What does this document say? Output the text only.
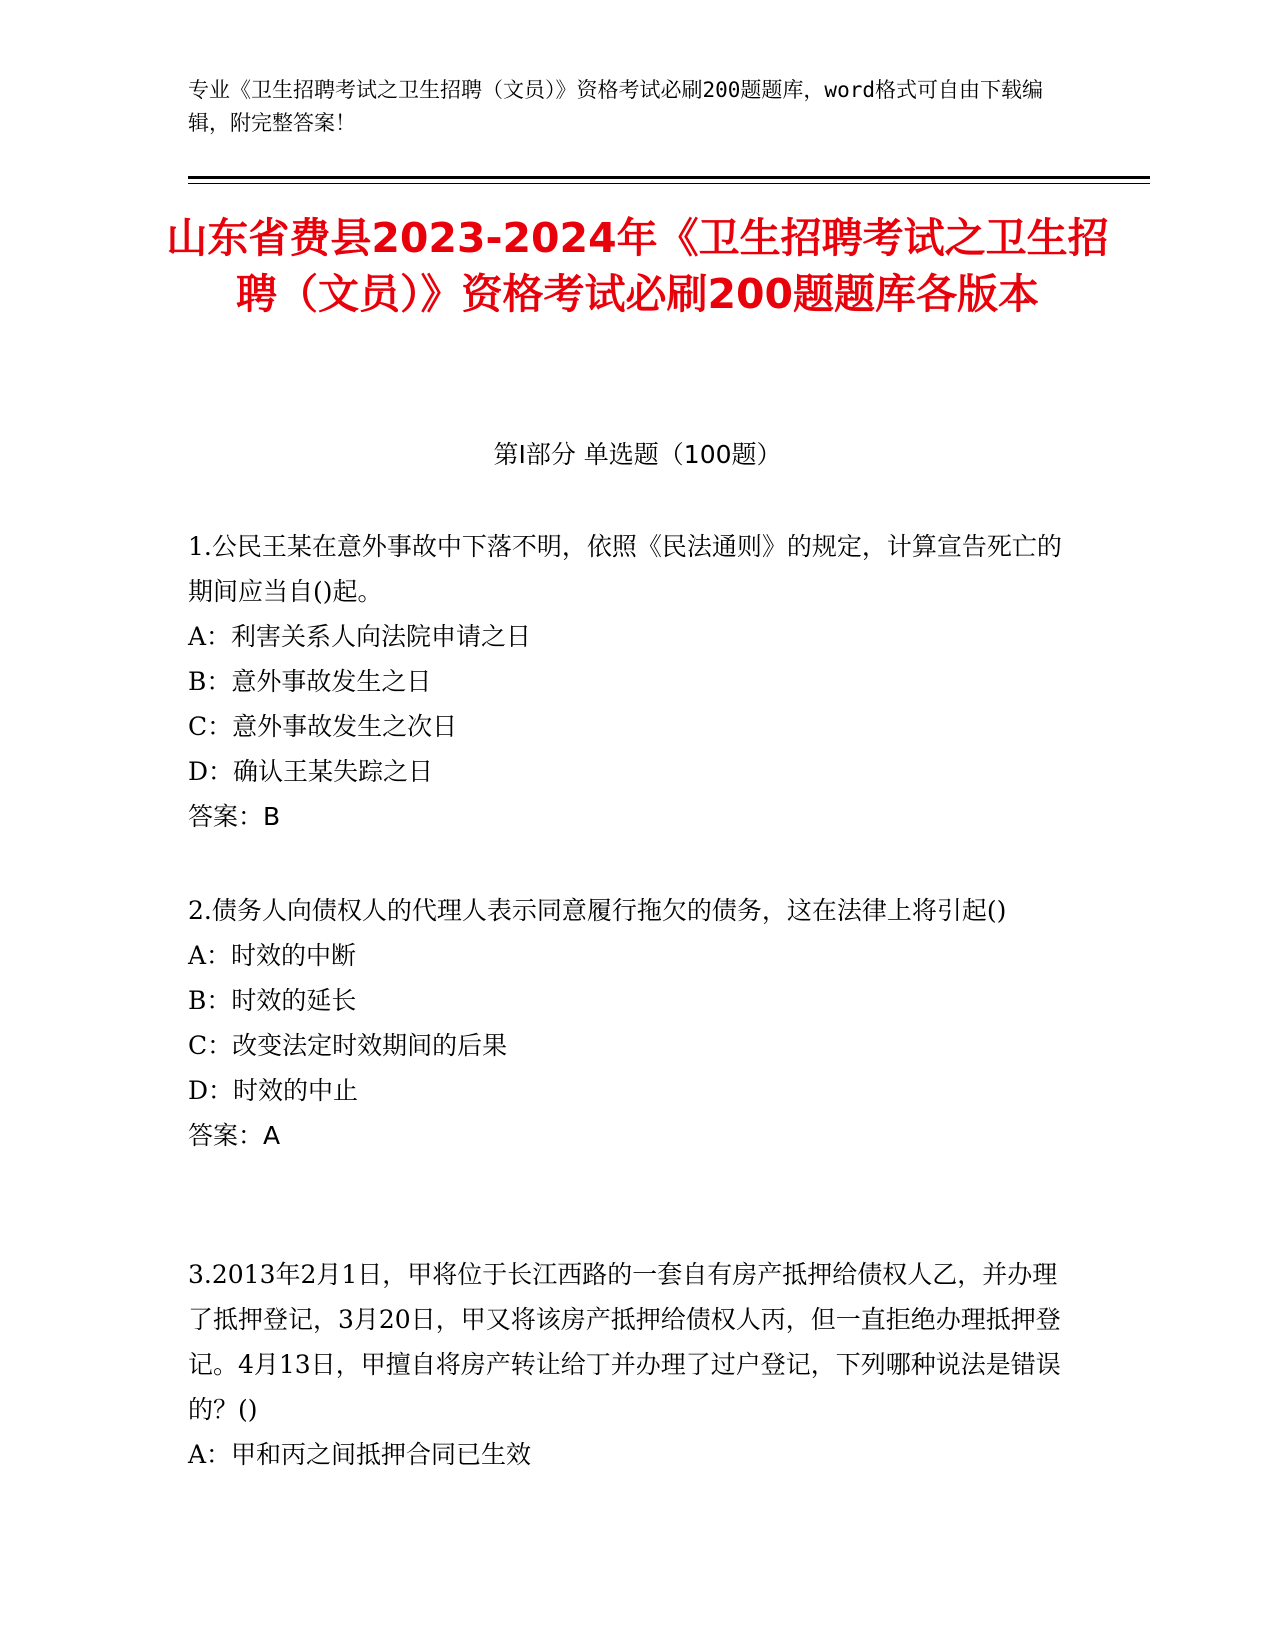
专业《卫生招聘考试之卫生招聘（文员）》资格考试必刷200题题库，word格式可自由下载编辑，附完整答案！
山东省费县2023-2024年《卫生招聘考试之卫生招聘（文员）》资格考试必刷200题题库各版本
第I部分 单选题（100题）

1.公民王某在意外事故中下落不明，依照《民法通则》的规定，计算宣告死亡的期间应当自()起。

A：利害关系人向法院申请之日

B：意外事故发生之日

C：意外事故发生之次日

D：确认王某失踪之日

答案：B

2.债务人向债权人的代理人表示同意履行拖欠的债务，这在法律上将引起()

A：时效的中断

B：时效的延长

C：改变法定时效期间的后果

D：时效的中止

答案：A

3.2013年2月1日，甲将位于长江西路的一套自有房产抵押给债权人乙，并办理了抵押登记，3月20日，甲又将该房产抵押给债权人丙，但一直拒绝办理抵押登记。4月13日，甲擅自将房产转让给丁并办理了过户登记，下列哪种说法是错误的？()

A：甲和丙之间抵押合同已生效
